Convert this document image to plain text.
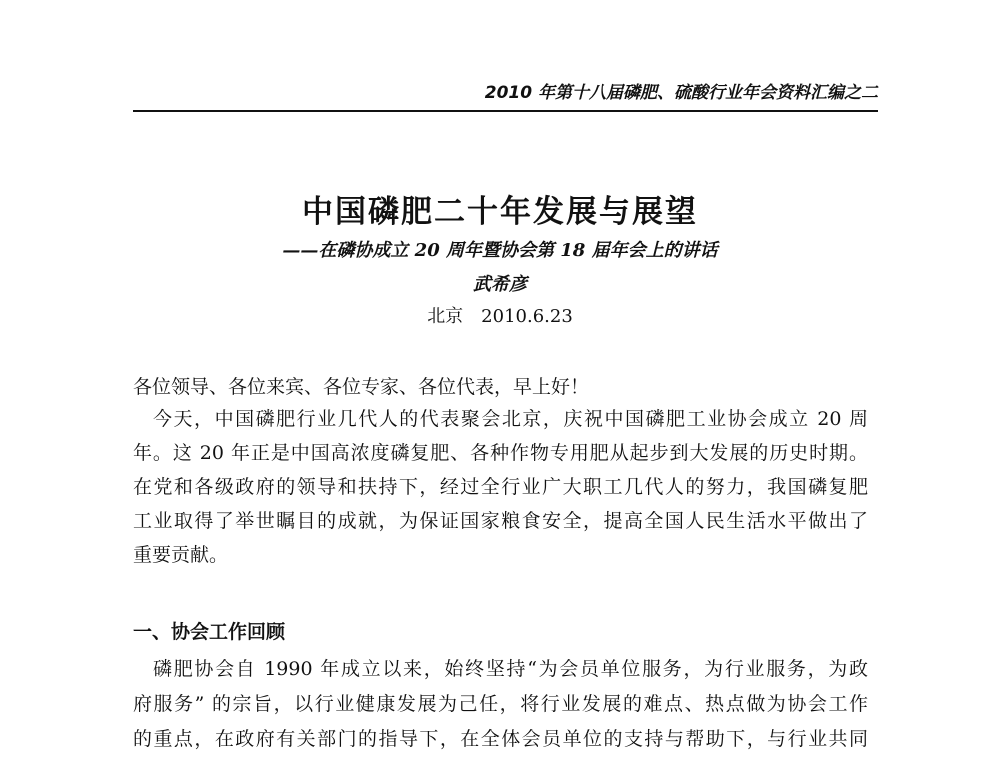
2010 年第十八届磷肥、硫酸行业年会资料汇编之二
中国磷肥二十年发展与展望
——在磷协成立 20 周年暨协会第 18 届年会上的讲话
武希彦
北京　2010.6.23
各位领导、各位来宾、各位专家、各位代表，早上好！
今天，中国磷肥行业几代人的代表聚会北京，庆祝中国磷肥工业协会成立 20 周
年。这 20 年正是中国高浓度磷复肥、各种作物专用肥从起步到大发展的历史时期。
在党和各级政府的领导和扶持下，经过全行业广大职工几代人的努力，我国磷复肥
工业取得了举世瞩目的成就，为保证国家粮食安全，提高全国人民生活水平做出了
重要贡献。
一、协会工作回顾
磷肥协会自 1990 年成立以来，始终坚持“为会员单位服务，为行业服务，为政
府服务” 的宗旨，以行业健康发展为己任，将行业发展的难点、热点做为协会工作
的重点，在政府有关部门的指导下，在全体会员单位的支持与帮助下，与行业共同
